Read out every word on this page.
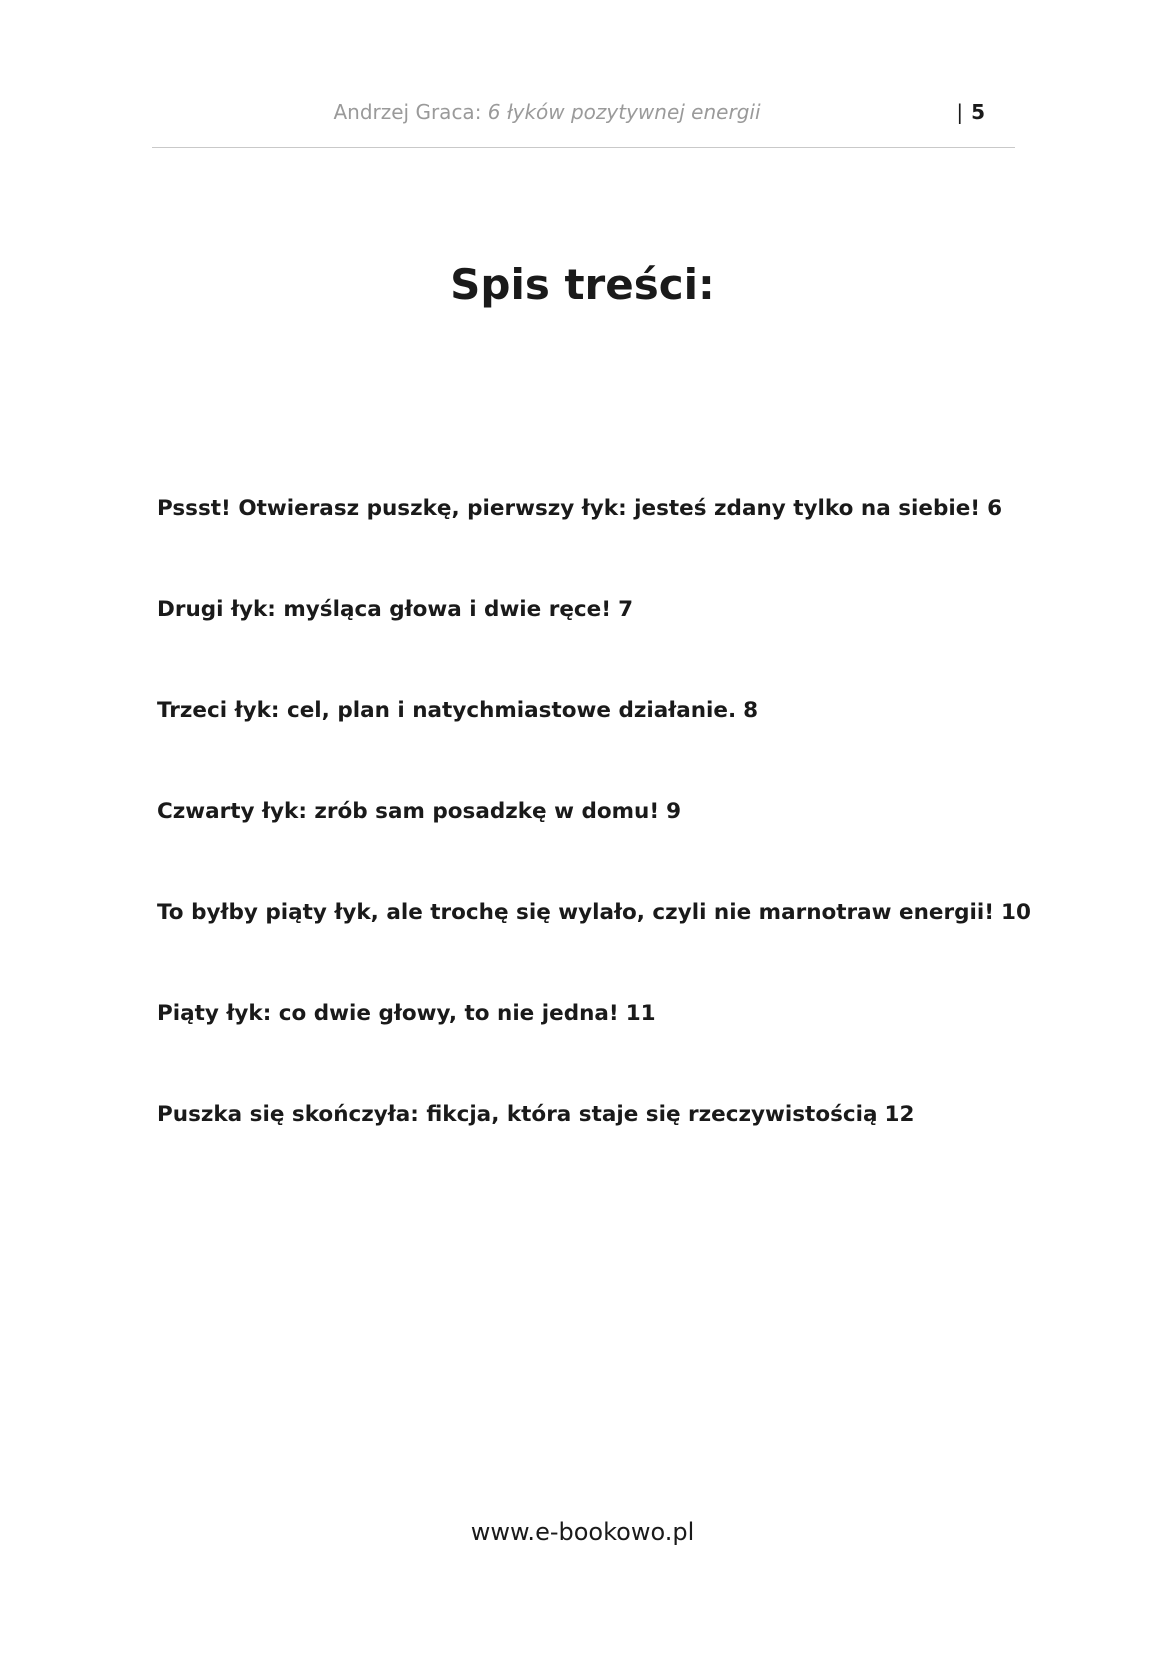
Andrzej Graca: 6 łyków pozytywnej energii	| 5
Spis treści:
Pssst! Otwierasz puszkę, pierwszy łyk: jesteś zdany tylko na siebie! 6
Drugi łyk: myśląca głowa i dwie ręce! 7
Trzeci łyk: cel, plan i natychmiastowe działanie. 8
Czwarty łyk: zrób sam posadzkę w domu! 9
To byłby piąty łyk, ale trochę się wylało, czyli nie marnotraw energii! 10
Piąty łyk: co dwie głowy, to nie jedna! 11
Puszka się skończyła: fikcja, która staje się rzeczywistością 12
www.e-bookowo.pl
